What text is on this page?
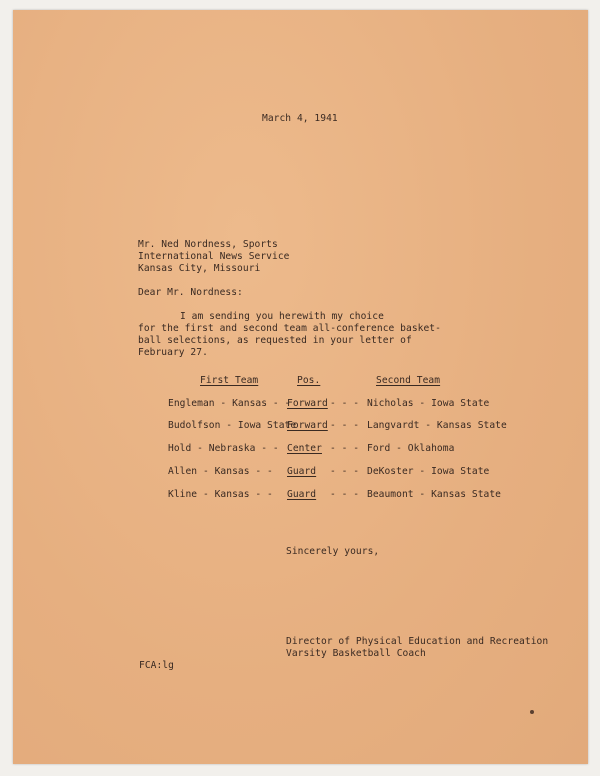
March 4, 1941
Mr. Ned Nordness, Sports
International News Service
Kansas City, Missouri
Dear Mr. Nordness:
I am sending you herewith my choice
for the first and second team all-conference basket-
ball selections, as requested in your letter of
February 27.
First Team	Pos.	Second Team
Engleman - Kansas - -
Forward - - - Nicholas - Iowa State
Budolfson - Iowa State
Forward - - - Langvardt - Kansas State
Hold - Nebraska - - Center - - - Ford - Oklahoma
Allen - Kansas - - Guard - - - DeKoster - Iowa State
Kline - Kansas - - Guard - - - Beaumont - Kansas State
Sincerely yours,
Director of Physical Education and Recreation
Varsity Basketball Coach
FCA:lg
